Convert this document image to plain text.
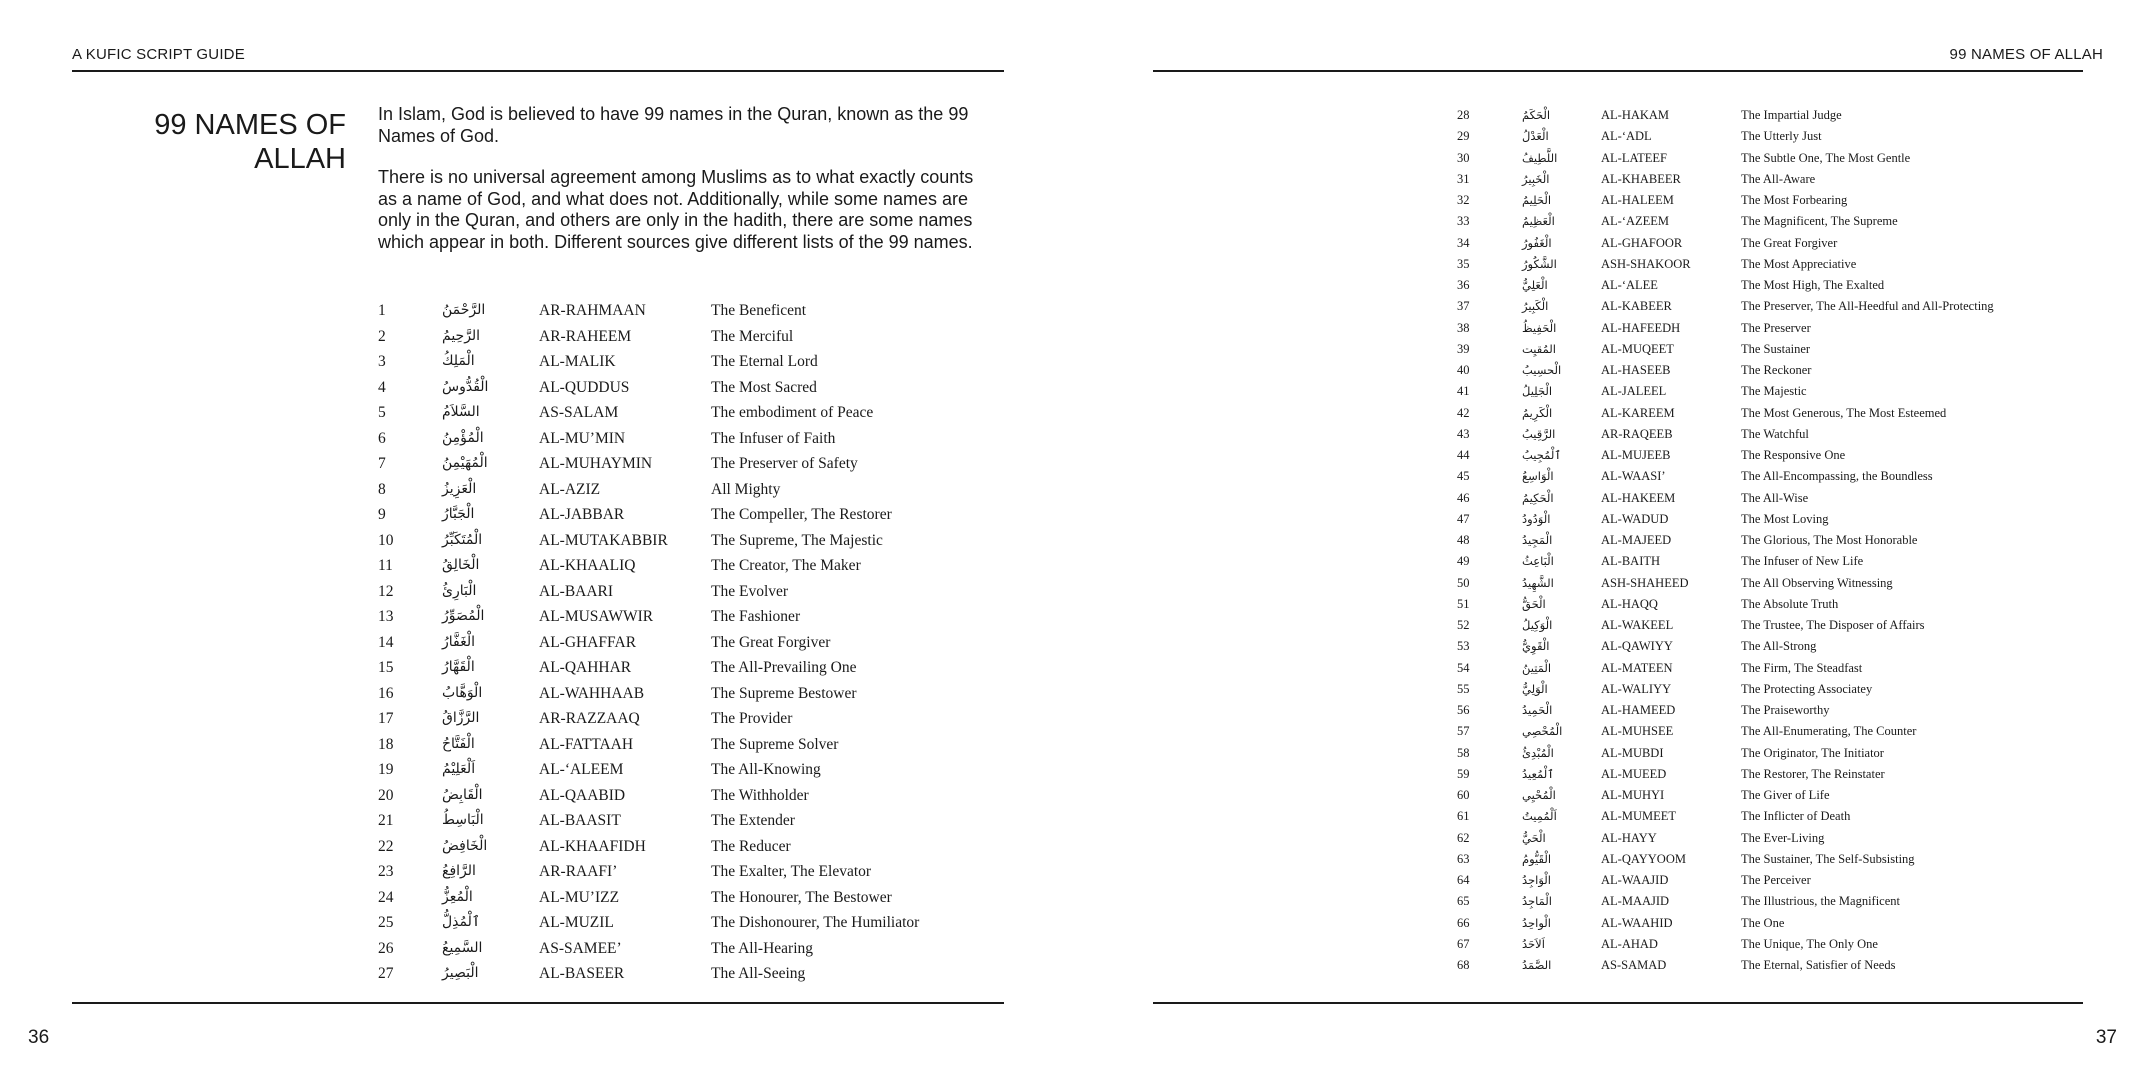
A KUFIC SCRIPT GUIDE
99 NAMES OF ALLAH

In Islam, God is believed to have 99 names in the Quran, known as the 99 Names of God.

There is no universal agreement among Muslims as to what exactly counts as a name of God, and what does not. Additionally, while some names are only in the Quran, and others are only in the hadith, there are some names which appear in both. Different sources give different lists of the 99 names.

1	الرَّحْمَنُ	AR-RAHMAAN	The Beneficent
2	الرَّحِيمُ	AR-RAHEEM	The Merciful
3	الْمَلِكُ	AL-MALIK	The Eternal Lord
4	الْقُدُّوسُ	AL-QUDDUS	The Most Sacred
5	السَّلاَمُ	AS-SALAM	The embodiment of Peace
6	الْمُؤْمِنُ	AL-MU’MIN	The Infuser of Faith
7	الْمُهَيْمِنُ	AL-MUHAYMIN	The Preserver of Safety
8	الْعَزِيزُ	AL-AZIZ	All Mighty
9	الْجَبَّارُ	AL-JABBAR	The Compeller, The Restorer
10	الْمُتَكَبِّرُ	AL-MUTAKABBIR	The Supreme, The Majestic
11	الْخَالِقُ	AL-KHAALIQ	The Creator, The Maker
12	الْبَارِئُ	AL-BAARI	The Evolver
13	الْمُصَوِّرُ	AL-MUSAWWIR	The Fashioner
14	الْغَفَّارُ	AL-GHAFFAR	The Great Forgiver
15	الْقَهَّارُ	AL-QAHHAR	The All-Prevailing One
16	الْوَهَّابُ	AL-WAHHAAB	The Supreme Bestower
17	الرَّزَّاقُ	AR-RAZZAAQ	The Provider
18	الْفَتَّاحُ	AL-FATTAAH	The Supreme Solver
19	اَلْعَلِيْمُ	AL-‘ALEEM	The All-Knowing
20	الْقَابِضُ	AL-QAABID	The Withholder
21	الْبَاسِطُ	AL-BAASIT	The Extender
22	الْخَافِضُ	AL-KHAAFIDH	The Reducer
23	الرَّافِعُ	AR-RAAFI’	The Exalter, The Elevator
24	الْمُعِزُّ	AL-MU’IZZ	The Honourer, The Bestower
25	ٱلْمُذِلُّ	AL-MUZIL	The Dishonourer, The Humiliator
26	السَّمِيعُ	AS-SAMEE’	The All-Hearing
27	الْبَصِيرُ	AL-BASEER	The All-Seeing
36
99 NAMES OF ALLAH
28	الْحَكَمُ	AL-HAKAM	The Impartial Judge
29	الْعَدْلُ	AL-‘ADL	The Utterly Just
30	اللَّطِيفُ	AL-LATEEF	The Subtle One, The Most Gentle
31	الْخَبِيرُ	AL-KHABEER	The All-Aware
32	الْحَلِيمُ	AL-HALEEM	The Most Forbearing
33	الْعَظِيمُ	AL-‘AZEEM	The Magnificent, The Supreme
34	الْغَفُورُ	AL-GHAFOOR	The Great Forgiver
35	الشَّكُورُ	ASH-SHAKOOR	The Most Appreciative
36	الْعَلِيُّ	AL-‘ALEE	The Most High, The Exalted
37	الْكَبِيرُ	AL-KABEER	The Preserver, The All-Heedful and All-Protecting
38	الْحَفِيظُ	AL-HAFEEDH	The Preserver
39	المُقيِت	AL-MUQEET	The Sustainer
40	الْحسِيبُ	AL-HASEEB	The Reckoner
41	الْجَلِيلُ	AL-JALEEL	The Majestic
42	الْكَرِيمُ	AL-KAREEM	The Most Generous, The Most Esteemed
43	الرَّقِيبُ	AR-RAQEEB	The Watchful
44	ٱلْمُجِيبُ	AL-MUJEEB	The Responsive One
45	الْوَاسِعُ	AL-WAASI’	The All-Encompassing, the Boundless
46	الْحَكِيمُ	AL-HAKEEM	The All-Wise
47	الْوَدُودُ	AL-WADUD	The Most Loving
48	الْمَجِيدُ	AL-MAJEED	The Glorious, The Most Honorable
49	الْبَاعِثُ	AL-BAITH	The Infuser of New Life
50	الشَّهِيدُ	ASH-SHAHEED	The All Observing Witnessing
51	الْحَقُّ	AL-HAQQ	The Absolute Truth
52	الْوَكِيلُ	AL-WAKEEL	The Trustee, The Disposer of Affairs
53	الْقَوِيُّ	AL-QAWIYY	The All-Strong
54	الْمَتِينُ	AL-MATEEN	The Firm, The Steadfast
55	الْوَلِيُّ	AL-WALIYY	The Protecting Associatey
56	الْحَمِيدُ	AL-HAMEED	The Praiseworthy
57	الْمُحْصِي	AL-MUHSEE	The All-Enumerating, The Counter
58	الْمُبْدِئُ	AL-MUBDI	The Originator, The Initiator
59	ٱلْمُعِيدُ	AL-MUEED	The Restorer, The Reinstater
60	الْمُحْيِي	AL-MUHYI	The Giver of Life
61	اَلْمُمِيتُ	AL-MUMEET	The Inflicter of Death
62	الْحَيُّ	AL-HAYY	The Ever-Living
63	الْقَيُّومُ	AL-QAYYOOM	The Sustainer, The Self-Subsisting
64	الْوَاجِدُ	AL-WAAJID	The Perceiver
65	الْمَاجِدُ	AL-MAAJID	The Illustrious, the Magnificent
66	الْواحِدُ	AL-WAAHID	The One
67	اَلاَحَدُ	AL-AHAD	The Unique, The Only One
68	الصَّمَدُ	AS-SAMAD	The Eternal, Satisfier of Needs
37
